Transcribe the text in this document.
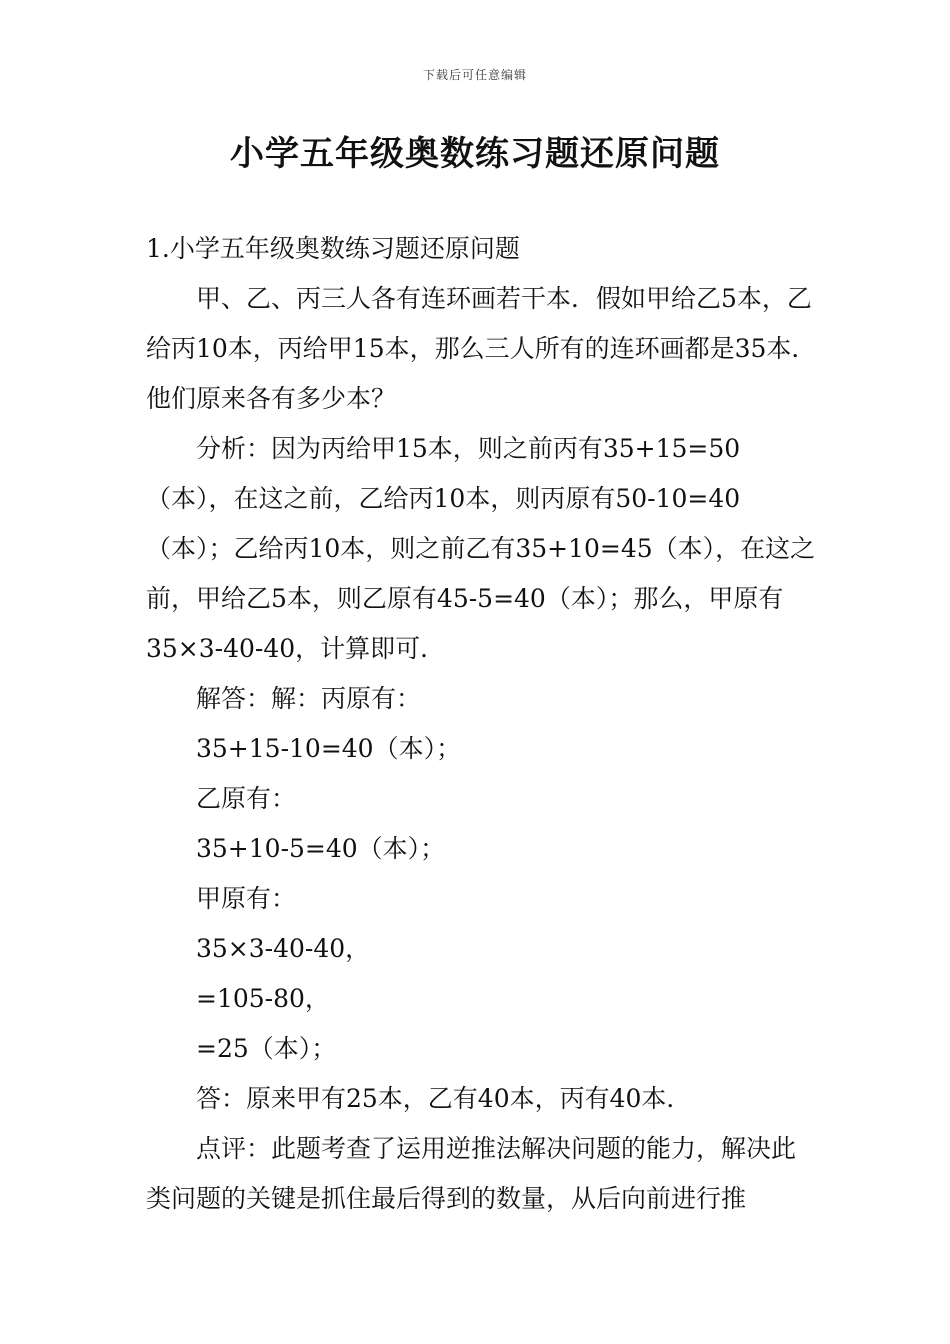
下载后可任意编辑
小学五年级奥数练习题还原问题

1.小学五年级奥数练习题还原问题

甲、乙、丙三人各有连环画若干本．假如甲给乙5本，乙给丙10本，丙给甲15本，那么三人所有的连环画都是35本．他们原来各有多少本？

分析：因为丙给甲15本，则之前丙有35+15=50（本），在这之前，乙给丙10本，则丙原有50-10=40（本）；乙给丙10本，则之前乙有35+10=45（本），在这之前，甲给乙5本，则乙原有45-5=40（本）；那么，甲原有35×3-40-40，计算即可．

解答：解：丙原有：

35+15-10=40（本）；

乙原有：

35+10-5=40（本）；

甲原有：

35×3-40-40，

=105-80，

=25（本）；

答：原来甲有25本，乙有40本，丙有40本．

点评：此题考查了运用逆推法解决问题的能力，解决此类问题的关键是抓住最后得到的数量，从后向前进行推
